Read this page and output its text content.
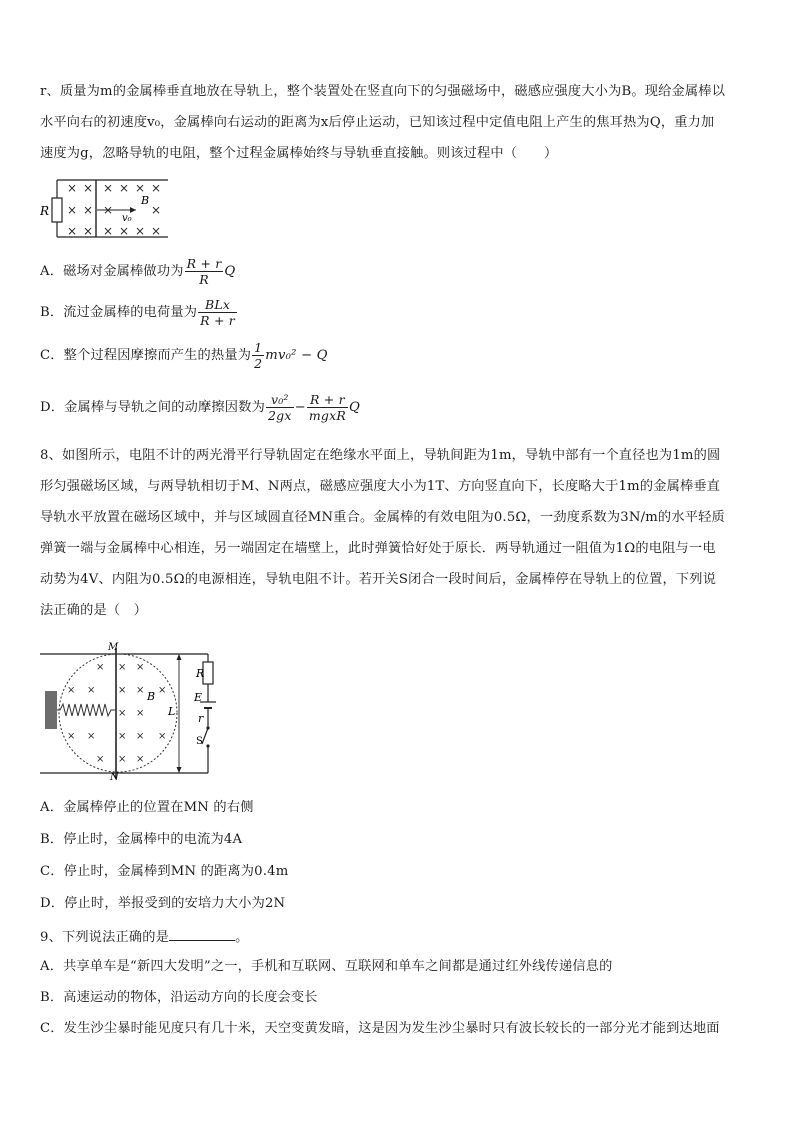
r、质量为m的金属棒垂直地放在导轨上，整个装置处在竖直向下的匀强磁场中，磁感应强度大小为B。现给金属棒以
水平向右的初速度v₀，金属棒向右运动的距离为x后停止运动，已知该过程中定值电阻上产生的焦耳热为Q，重力加
速度为g，忽略导轨的电阻，整个过程金属棒始终与导轨垂直接触。则该过程中（　　）
R
× × × × × ×
× × ×	×
× × × × × ×
B
v₀
A．磁场对金属棒做功为 $\frac{R + r}{R}$ Q
B．流过金属棒的电荷量为 $\frac{\text{BLx}}{R + r}$
C．整个过程因摩擦而产生的热量为 $\frac{1}{2} mv_0^2 - Q$
D．金属棒与导轨之间的动摩擦因数为 $\frac{\text{v₀²}}{2gx} - \frac{R + r}{\text{mgxR}}$ Q
8、如图所示，电阻不计的两光滑平行导轨固定在绝缘水平面上，导轨间距为1m，导轨中部有一个直径也为1m的圆
形匀强磁场区域，与两导轨相切于M、N两点，磁感应强度大小为1T、方向竖直向下，长度略大于1m的金属棒垂直
导轨水平放置在磁场区域中，并与区域圆直径MN重合。金属棒的有效电阻为0.5Ω，一劲度系数为3N/m的水平轻质
弹簧一端与金属棒中心相连，另一端固定在墙壁上，此时弹簧恰好处于原长．两导轨通过一阻值为1Ω的电阻与一电
动势为4V、内阻为0.5Ω的电源相连，导轨电阻不计。若开关S闭合一段时间后，金属棒停在导轨上的位置，下列说
法正确的是（　）
R
E
r
S
L
× × ×
× × × × ×
× ×
× × × × ×
× × ×
B
M
N
A．金属棒停止的位置在MN 的右侧
B．停止时，金属棒中的电流为4A
C．停止时，金属棒到MN 的距离为0.4m
D．停止时，举报受到的安培力大小为2N
9、下列说法正确的是	。
A．共享单车是“新四大发明”之一，手机和互联网、互联网和单车之间都是通过红外线传递信息的
B．高速运动的物体，沿运动方向的长度会变长
C．发生沙尘暴时能见度只有几十米，天空变黄发暗，这是因为发生沙尘暴时只有波长较长的一部分光才能到达地面
